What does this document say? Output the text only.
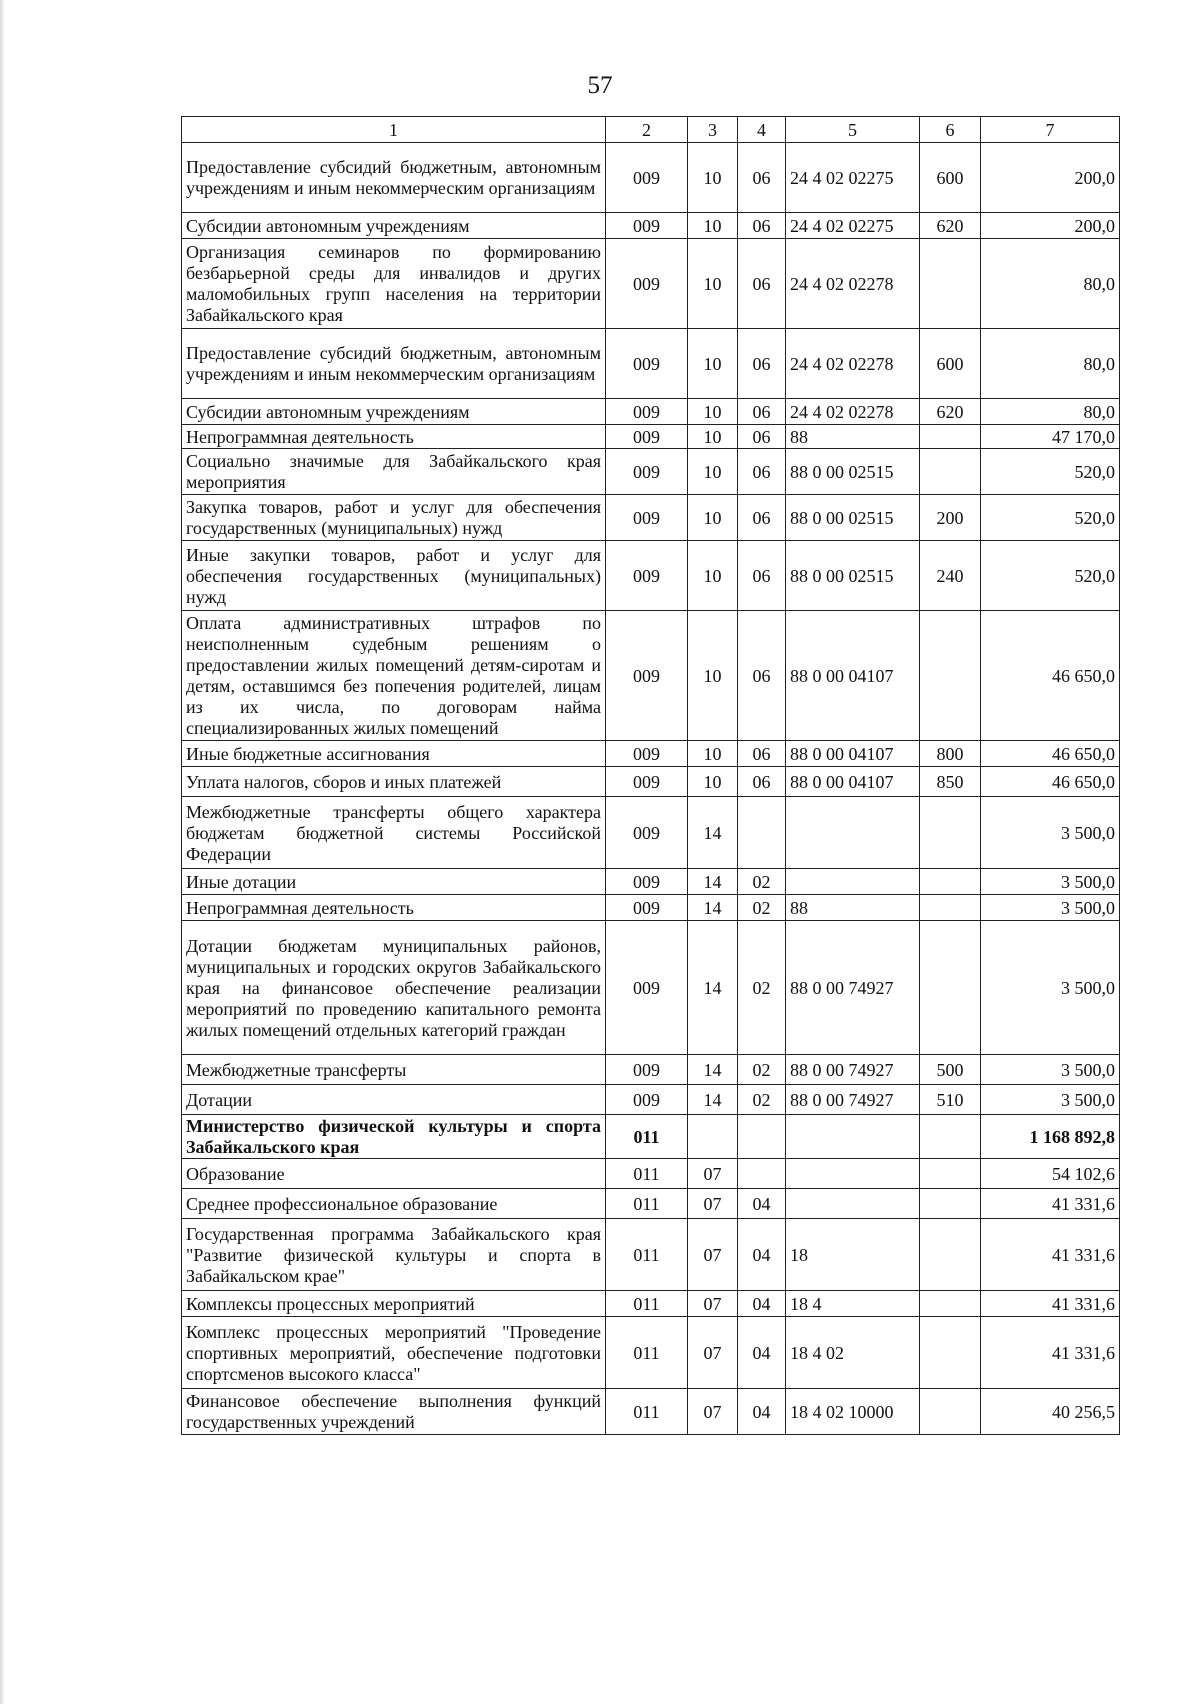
57
1	2	3	4	5	6	7
Предоставление субсидий бюджетным, автономным учреждениям и иным некоммерческим организациям	009	10	06	24 4 02 02275	600	200,0
Субсидии автономным учреждениям	009	10	06	24 4 02 02275	620	200,0
Организация семинаров по формированию безбарьерной среды для инвалидов и других маломобильных групп населения на территории Забайкальского края	009	10	06	24 4 02 02278		80,0
Предоставление субсидий бюджетным, автономным учреждениям и иным некоммерческим организациям	009	10	06	24 4 02 02278	600	80,0
Субсидии автономным учреждениям	009	10	06	24 4 02 02278	620	80,0
Непрограммная деятельность	009	10	06	88		47 170,0
Социально значимые для Забайкальского края мероприятия	009	10	06	88 0 00 02515		520,0
Закупка товаров, работ и услуг для обеспечения государственных (муниципальных) нужд	009	10	06	88 0 00 02515	200	520,0
Иные закупки товаров, работ и услуг для обеспечения государственных (муниципальных) нужд	009	10	06	88 0 00 02515	240	520,0
Оплата административных штрафов по неисполненным судебным решениям о предоставлении жилых помещений детям-сиротам и детям, оставшимся без попечения родителей, лицам из их числа, по договорам найма специализированных жилых помещений	009	10	06	88 0 00 04107		46 650,0
Иные бюджетные ассигнования	009	10	06	88 0 00 04107	800	46 650,0
Уплата налогов, сборов и иных платежей	009	10	06	88 0 00 04107	850	46 650,0
Межбюджетные трансферты общего характера бюджетам бюджетной системы Российской Федерации	009	14				3 500,0
Иные дотации	009	14	02			3 500,0
Непрограммная деятельность	009	14	02	88		3 500,0
Дотации бюджетам муниципальных районов, муниципальных и городских округов Забайкальского края на финансовое обеспечение реализации мероприятий по проведению капитального ремонта жилых помещений отдельных категорий граждан	009	14	02	88 0 00 74927		3 500,0
Межбюджетные трансферты	009	14	02	88 0 00 74927	500	3 500,0
Дотации	009	14	02	88 0 00 74927	510	3 500,0
Министерство физической культуры и спорта Забайкальского края	011					1 168 892,8
Образование	011	07				54 102,6
Среднее профессиональное образование	011	07	04			41 331,6
Государственная программа Забайкальского края "Развитие физической культуры и спорта в Забайкальском крае"	011	07	04	18		41 331,6
Комплексы процессных мероприятий	011	07	04	18 4		41 331,6
Комплекс процессных мероприятий "Проведение спортивных мероприятий, обеспечение подготовки спортсменов высокого класса"	011	07	04	18 4 02		41 331,6
Финансовое обеспечение выполнения функций государственных учреждений	011	07	04	18 4 02 10000		40 256,5
